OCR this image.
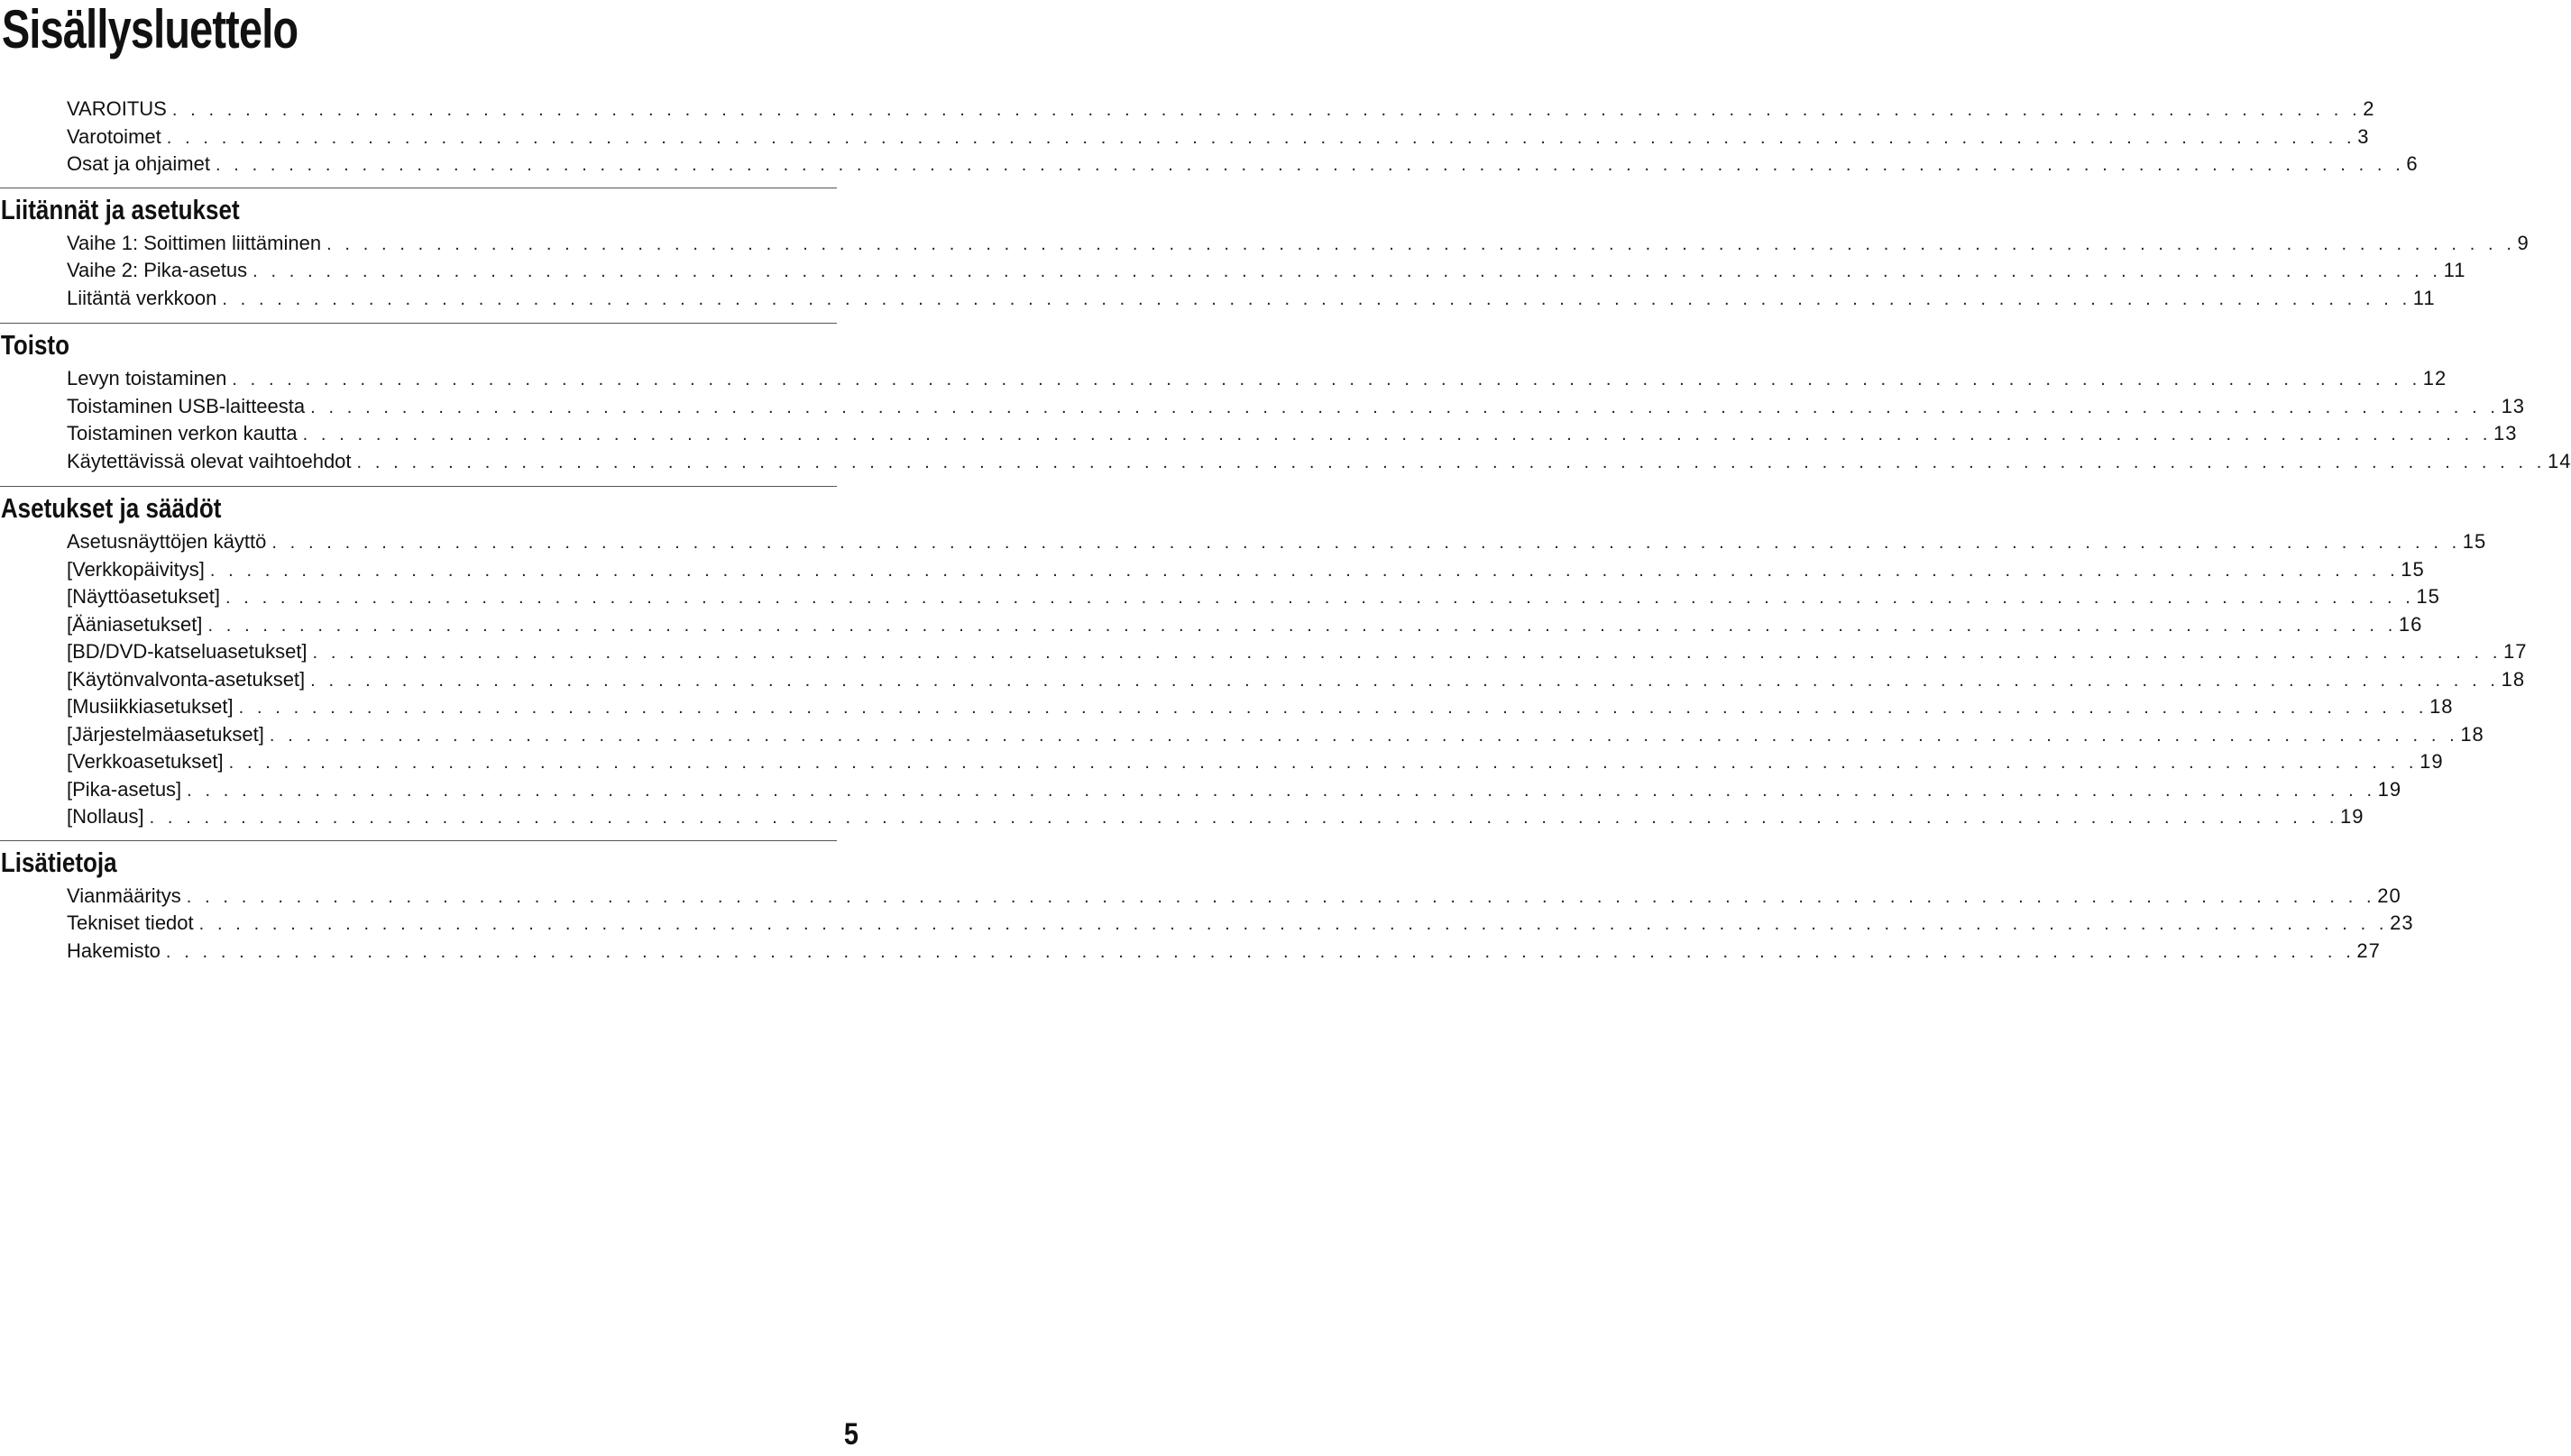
Sisällysluettelo
VAROITUS . . . . . . . . . . . . . . . . . . . . . . . . . . . . . . . . . . . . . . . . . . . . . . . . . . . . . . . . . . . . . . . . . . . . . . . . . . . . . . . . . . . . . . . . . . . . . . . . . . . . . . . . . . . . . . . . . . . . . . . . 2
Varotoimet . . . . . . . . . . . . . . . . . . . . . . . . . . . . . . . . . . . . . . . . . . . . . . . . . . . . . . . . . . . . . . . . . . . . . . . . . . . . . . . . . . . . . . . . . . . . . . . . . . . . . . . . . . . . . . . . . . . . . . . . 3
Osat ja ohjaimet . . . . . . . . . . . . . . . . . . . . . . . . . . . . . . . . . . . . . . . . . . . . . . . . . . . . . . . . . . . . . . . . . . . . . . . . . . . . . . . . . . . . . . . . . . . . . . . . . . . . . . . . . . . . . . . . . . . . . . . . 6
Liitännät ja asetukset
Vaihe 1: Soittimen liittäminen . . . . . . . . . . . . . . . . . . . . . . . . . . . . . . . . . . . . . . . . . . . . . . . . . . . . . . . . . . . . . . . . . . . . . . . . . . . . . . . . . . . . . . . . . . . . . . . . . . . . . . . . . . . . . . . . . . . . . . . . 9
Vaihe 2: Pika-asetus . . . . . . . . . . . . . . . . . . . . . . . . . . . . . . . . . . . . . . . . . . . . . . . . . . . . . . . . . . . . . . . . . . . . . . . . . . . . . . . . . . . . . . . . . . . . . . . . . . . . . . . . . . . . . . . . . . . . . . . . 11
Liitäntä verkkoon . . . . . . . . . . . . . . . . . . . . . . . . . . . . . . . . . . . . . . . . . . . . . . . . . . . . . . . . . . . . . . . . . . . . . . . . . . . . . . . . . . . . . . . . . . . . . . . . . . . . . . . . . . . . . . . . . . . . . . . . 11
Toisto
Levyn toistaminen . . . . . . . . . . . . . . . . . . . . . . . . . . . . . . . . . . . . . . . . . . . . . . . . . . . . . . . . . . . . . . . . . . . . . . . . . . . . . . . . . . . . . . . . . . . . . . . . . . . . . . . . . . . . . . . . . . . . . . . . 12
Toistaminen USB-laitteesta . . . . . . . . . . . . . . . . . . . . . . . . . . . . . . . . . . . . . . . . . . . . . . . . . . . . . . . . . . . . . . . . . . . . . . . . . . . . . . . . . . . . . . . . . . . . . . . . . . . . . . . . . . . . . . . . . . . . . . . . 13
Toistaminen verkon kautta . . . . . . . . . . . . . . . . . . . . . . . . . . . . . . . . . . . . . . . . . . . . . . . . . . . . . . . . . . . . . . . . . . . . . . . . . . . . . . . . . . . . . . . . . . . . . . . . . . . . . . . . . . . . . . . . . . . . . . . . 13
Käytettävissä olevat vaihtoehdot . . . . . . . . . . . . . . . . . . . . . . . . . . . . . . . . . . . . . . . . . . . . . . . . . . . . . . . . . . . . . . . . . . . . . . . . . . . . . . . . . . . . . . . . . . . . . . . . . . . . . . . . . . . . . . . . . . . . . . . . 14
Asetukset ja säädöt
Asetusnäyttöjen käyttö . . . . . . . . . . . . . . . . . . . . . . . . . . . . . . . . . . . . . . . . . . . . . . . . . . . . . . . . . . . . . . . . . . . . . . . . . . . . . . . . . . . . . . . . . . . . . . . . . . . . . . . . . . . . . . . . . . . . . . . . 15
[Verkkopäivitys] . . . . . . . . . . . . . . . . . . . . . . . . . . . . . . . . . . . . . . . . . . . . . . . . . . . . . . . . . . . . . . . . . . . . . . . . . . . . . . . . . . . . . . . . . . . . . . . . . . . . . . . . . . . . . . . . . . . . . . . . 15
[Näyttöasetukset] . . . . . . . . . . . . . . . . . . . . . . . . . . . . . . . . . . . . . . . . . . . . . . . . . . . . . . . . . . . . . . . . . . . . . . . . . . . . . . . . . . . . . . . . . . . . . . . . . . . . . . . . . . . . . . . . . . . . . . . . 15
[Ääniasetukset] . . . . . . . . . . . . . . . . . . . . . . . . . . . . . . . . . . . . . . . . . . . . . . . . . . . . . . . . . . . . . . . . . . . . . . . . . . . . . . . . . . . . . . . . . . . . . . . . . . . . . . . . . . . . . . . . . . . . . . . . 16
[BD/DVD-katseluasetukset] . . . . . . . . . . . . . . . . . . . . . . . . . . . . . . . . . . . . . . . . . . . . . . . . . . . . . . . . . . . . . . . . . . . . . . . . . . . . . . . . . . . . . . . . . . . . . . . . . . . . . . . . . . . . . . . . . . . . . . . . 17
[Käytönvalvonta-asetukset] . . . . . . . . . . . . . . . . . . . . . . . . . . . . . . . . . . . . . . . . . . . . . . . . . . . . . . . . . . . . . . . . . . . . . . . . . . . . . . . . . . . . . . . . . . . . . . . . . . . . . . . . . . . . . . . . . . . . . . . . 18
[Musiikkiasetukset] . . . . . . . . . . . . . . . . . . . . . . . . . . . . . . . . . . . . . . . . . . . . . . . . . . . . . . . . . . . . . . . . . . . . . . . . . . . . . . . . . . . . . . . . . . . . . . . . . . . . . . . . . . . . . . . . . . . . . . . . 18
[Järjestelmäasetukset] . . . . . . . . . . . . . . . . . . . . . . . . . . . . . . . . . . . . . . . . . . . . . . . . . . . . . . . . . . . . . . . . . . . . . . . . . . . . . . . . . . . . . . . . . . . . . . . . . . . . . . . . . . . . . . . . . . . . . . . . 18
[Verkkoasetukset] . . . . . . . . . . . . . . . . . . . . . . . . . . . . . . . . . . . . . . . . . . . . . . . . . . . . . . . . . . . . . . . . . . . . . . . . . . . . . . . . . . . . . . . . . . . . . . . . . . . . . . . . . . . . . . . . . . . . . . . . 19
[Pika-asetus] . . . . . . . . . . . . . . . . . . . . . . . . . . . . . . . . . . . . . . . . . . . . . . . . . . . . . . . . . . . . . . . . . . . . . . . . . . . . . . . . . . . . . . . . . . . . . . . . . . . . . . . . . . . . . . . . . . . . . . . . 19
[Nollaus] . . . . . . . . . . . . . . . . . . . . . . . . . . . . . . . . . . . . . . . . . . . . . . . . . . . . . . . . . . . . . . . . . . . . . . . . . . . . . . . . . . . . . . . . . . . . . . . . . . . . . . . . . . . . . . . . . . . . . . . . 19
Lisätietoja
Vianmääritys . . . . . . . . . . . . . . . . . . . . . . . . . . . . . . . . . . . . . . . . . . . . . . . . . . . . . . . . . . . . . . . . . . . . . . . . . . . . . . . . . . . . . . . . . . . . . . . . . . . . . . . . . . . . . . . . . . . . . . . . 20
Tekniset tiedot . . . . . . . . . . . . . . . . . . . . . . . . . . . . . . . . . . . . . . . . . . . . . . . . . . . . . . . . . . . . . . . . . . . . . . . . . . . . . . . . . . . . . . . . . . . . . . . . . . . . . . . . . . . . . . . . . . . . . . . . 23
Hakemisto . . . . . . . . . . . . . . . . . . . . . . . . . . . . . . . . . . . . . . . . . . . . . . . . . . . . . . . . . . . . . . . . . . . . . . . . . . . . . . . . . . . . . . . . . . . . . . . . . . . . . . . . . . . . . . . . . . . . . . . . 27
5
